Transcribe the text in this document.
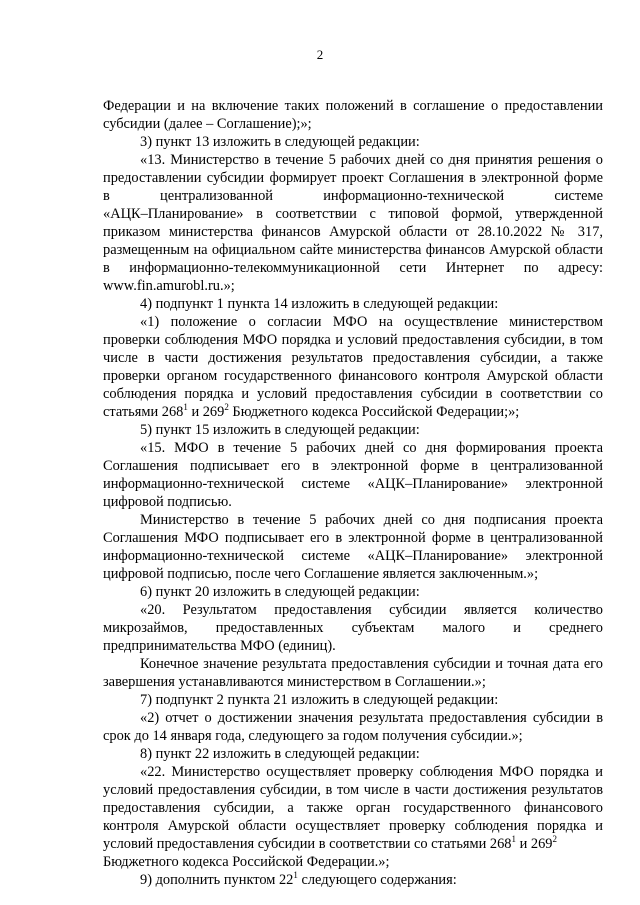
2
Федерации и на включение таких положений в соглашение о предоставлении
субсидии (далее – Соглашение);»;
3) пункт 13 изложить в следующей редакции:
«13. Министерство в течение 5 рабочих дней со дня принятия решения о
предоставлении субсидии формирует проект Соглашения в электронной форме
в централизованной информационно-технической системе
«АЦК–Планирование» в соответствии с типовой формой, утвержденной
приказом министерства финансов Амурской области от 28.10.2022 № 317,
размещенным на официальном сайте министерства финансов Амурской области
в информационно-телекоммуникационной сети Интернет по адресу:
www.fin.amurobl.ru.»;
4) подпункт 1 пункта 14 изложить в следующей редакции:
«1) положение о согласии МФО на осуществление министерством
проверки соблюдения МФО порядка и условий предоставления субсидии, в том
числе в части достижения результатов предоставления субсидии, а также
проверки органом государственного финансового контроля Амурской области
соблюдения порядка и условий предоставления субсидии в соответствии со
статьями $268^1$ и $269^2$ Бюджетного кодекса Российской Федерации;»;
5) пункт 15 изложить в следующей редакции:
«15. МФО в течение 5 рабочих дней со дня формирования проекта
Соглашения подписывает его в электронной форме в централизованной
информационно-технической системе «АЦК–Планирование» электронной
цифровой подписью.
Министерство в течение 5 рабочих дней со дня подписания проекта
Соглашения МФО подписывает его в электронной форме в централизованной
информационно-технической системе «АЦК–Планирование» электронной
цифровой подписью, после чего Соглашение является заключенным.»;
6) пункт 20 изложить в следующей редакции:
«20. Результатом предоставления субсидии является количество
микрозаймов, предоставленных субъектам малого и среднего
предпринимательства МФО (единиц).
Конечное значение результата предоставления субсидии и точная дата его
завершения устанавливаются министерством в Соглашении.»;
7) подпункт 2 пункта 21 изложить в следующей редакции:
«2) отчет о достижении значения результата предоставления субсидии в
срок до 14 января года, следующего за годом получения субсидии.»;
8) пункт 22 изложить в следующей редакции:
«22. Министерство осуществляет проверку соблюдения МФО порядка и
условий предоставления субсидии, в том числе в части достижения результатов
предоставления субсидии, а также орган государственного финансового
контроля Амурской области осуществляет проверку соблюдения порядка и
условий предоставления субсидии в соответствии со статьями $268^1$ и $269^2$
Бюджетного кодекса Российской Федерации.»;
9) дополнить пунктом $22^1$ следующего содержания:
